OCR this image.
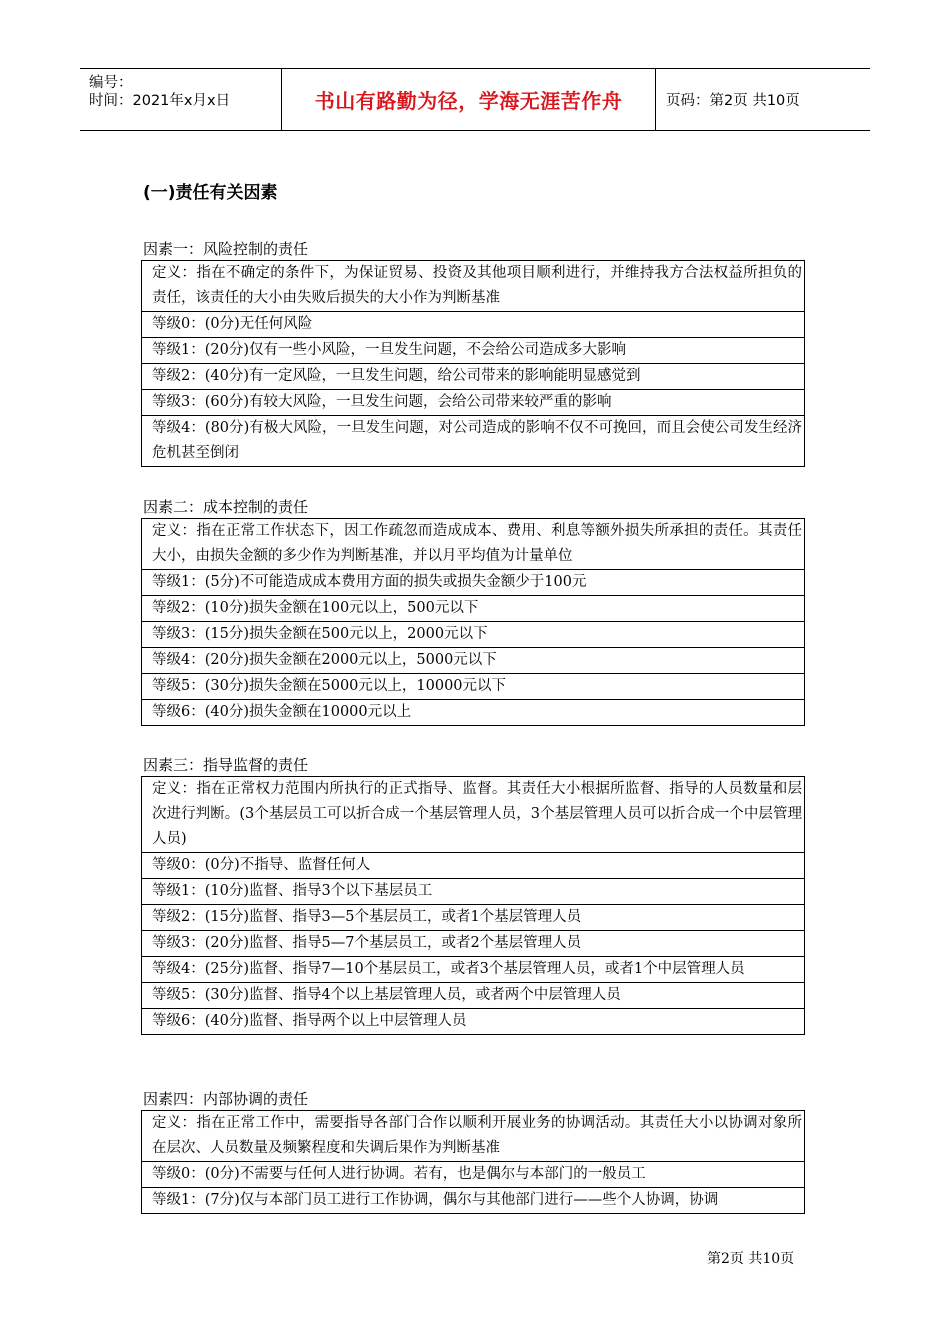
编号：
时间：2021年x月x日	书山有路勤为径，学海无涯苦作舟	页码：第2页 共10页
(一)责任有关因素
因素一：风险控制的责任
定义：指在不确定的条件下，为保证贸易、投资及其他项目顺利进行，并维持我方合法权益所担负的责任，该责任的大小由失败后损失的大小作为判断基准
等级0：(0分)无任何风险
等级1：(20分)仅有一些小风险，一旦发生问题，不会给公司造成多大影响
等级2：(40分)有一定风险，一旦发生问题，给公司带来的影响能明显感觉到
等级3：(60分)有较大风险，一旦发生问题，会给公司带来较严重的影响
等级4：(80分)有极大风险，一旦发生问题，对公司造成的影响不仅不可挽回，而且会使公司发生经济危机甚至倒闭
因素二：成本控制的责任
定义：指在正常工作状态下，因工作疏忽而造成成本、费用、利息等额外损失所承担的责任。其责任大小，由损失金额的多少作为判断基准，并以月平均值为计量单位
等级1：(5分)不可能造成成本费用方面的损失或损失金额少于100元
等级2：(10分)损失金额在100元以上，500元以下
等级3：(15分)损失金额在500元以上，2000元以下
等级4：(20分)损失金额在2000元以上，5000元以下
等级5：(30分)损失金额在5000元以上，10000元以下
等级6：(40分)损失金额在10000元以上
因素三：指导监督的责任
定义：指在正常权力范围内所执行的正式指导、监督。其责任大小根据所监督、指导的人员数量和层次进行判断。(3个基层员工可以折合成一个基层管理人员，3个基层管理人员可以折合成一个中层管理人员)
等级0：(0分)不指导、监督任何人
等级1：(10分)监督、指导3个以下基层员工
等级2：(15分)监督、指导3—5个基层员工，或者1个基层管理人员
等级3：(20分)监督、指导5—7个基层员工，或者2个基层管理人员
等级4：(25分)监督、指导7—10个基层员工，或者3个基层管理人员，或者1个中层管理人员
等级5：(30分)监督、指导4个以上基层管理人员，或者两个中层管理人员
等级6：(40分)监督、指导两个以上中层管理人员
因素四：内部协调的责任
定义：指在正常工作中，需要指导各部门合作以顺利开展业务的协调活动。其责任大小以协调对象所在层次、人员数量及频繁程度和失调后果作为判断基准
等级0：(0分)不需要与任何人进行协调。若有，也是偶尔与本部门的一般员工
等级1：(7分)仅与本部门员工进行工作协调，偶尔与其他部门进行——些个人协调，协调
第2页 共10页
